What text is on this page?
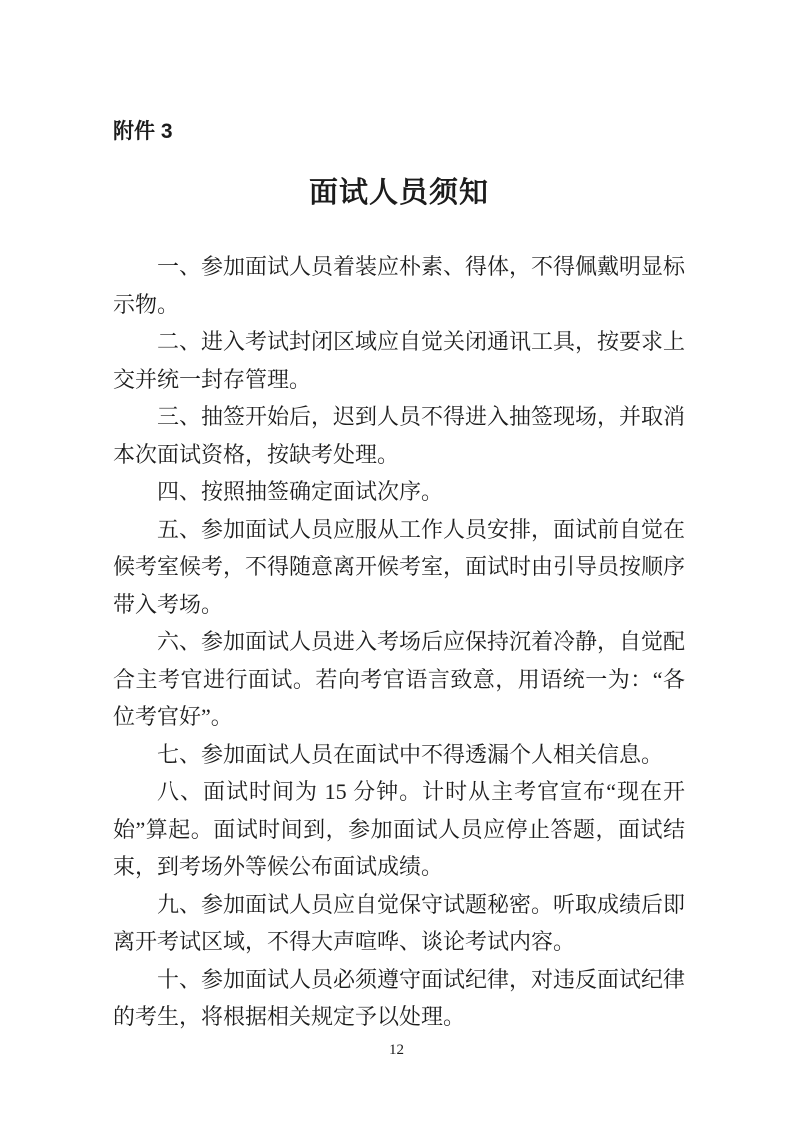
附件 3
面试人员须知

一、参加面试人员着装应朴素、得体，不得佩戴明显标示物。

二、进入考试封闭区域应自觉关闭通讯工具，按要求上交并统一封存管理。

三、抽签开始后，迟到人员不得进入抽签现场，并取消本次面试资格，按缺考处理。

四、按照抽签确定面试次序。

五、参加面试人员应服从工作人员安排，面试前自觉在候考室候考，不得随意离开候考室，面试时由引导员按顺序带入考场。

六、参加面试人员进入考场后应保持沉着冷静，自觉配合主考官进行面试。若向考官语言致意，用语统一为：“各位考官好”。

七、参加面试人员在面试中不得透漏个人相关信息。

八、面试时间为 15 分钟。计时从主考官宣布“现在开始”算起。面试时间到，参加面试人员应停止答题，面试结束，到考场外等候公布面试成绩。

九、参加面试人员应自觉保守试题秘密。听取成绩后即离开考试区域，不得大声喧哗、谈论考试内容。

十、参加面试人员必须遵守面试纪律，对违反面试纪律的考生，将根据相关规定予以处理。

12
